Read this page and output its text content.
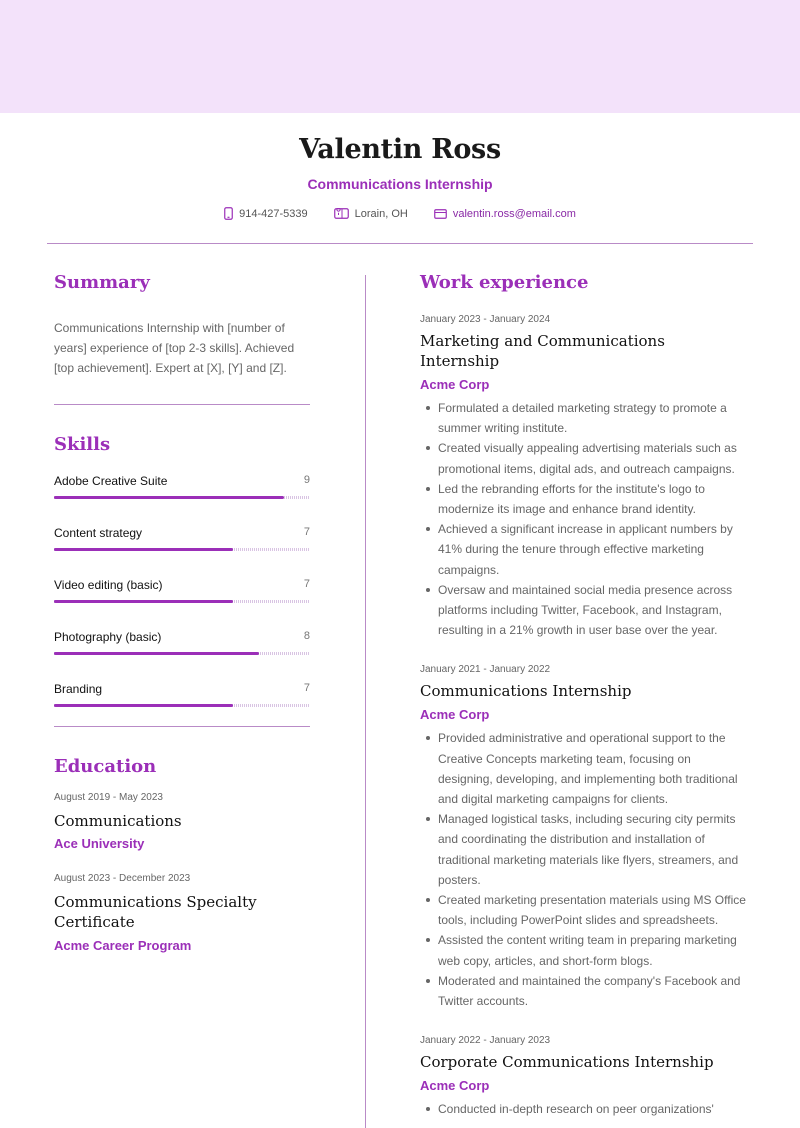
Valentin Ross
Communications Internship
914-427-5339	Lorain, OH	valentin.ross@email.com
Summary
Communications Internship with [number of years] experience of [top 2-3 skills]. Achieved [top achievement]. Expert at [X], [Y] and [Z].
Skills
Adobe Creative Suite	9
Content strategy	7
Video editing (basic)	7
Photography (basic)	8
Branding	7
Education
August 2019 - May 2023
Communications
Ace University
August 2023 - December 2023
Communications Specialty Certificate
Acme Career Program
Work experience
January 2023 - January 2024
Marketing and Communications Internship
Acme Corp
Formulated a detailed marketing strategy to promote a summer writing institute.
Created visually appealing advertising materials such as promotional items, digital ads, and outreach campaigns.
Led the rebranding efforts for the institute's logo to modernize its image and enhance brand identity.
Achieved a significant increase in applicant numbers by 41% during the tenure through effective marketing campaigns.
Oversaw and maintained social media presence across platforms including Twitter, Facebook, and Instagram, resulting in a 21% growth in user base over the year.
January 2021 - January 2022
Communications Internship
Acme Corp
Provided administrative and operational support to the Creative Concepts marketing team, focusing on designing, developing, and implementing both traditional and digital marketing campaigns for clients.
Managed logistical tasks, including securing city permits and coordinating the distribution and installation of traditional marketing materials like flyers, streamers, and posters.
Created marketing presentation materials using MS Office tools, including PowerPoint slides and spreadsheets.
Assisted the content writing team in preparing marketing web copy, articles, and short-form blogs.
Moderated and maintained the company's Facebook and Twitter accounts.
January 2022 - January 2023
Corporate Communications Internship
Acme Corp
Conducted in-depth research on peer organizations'
